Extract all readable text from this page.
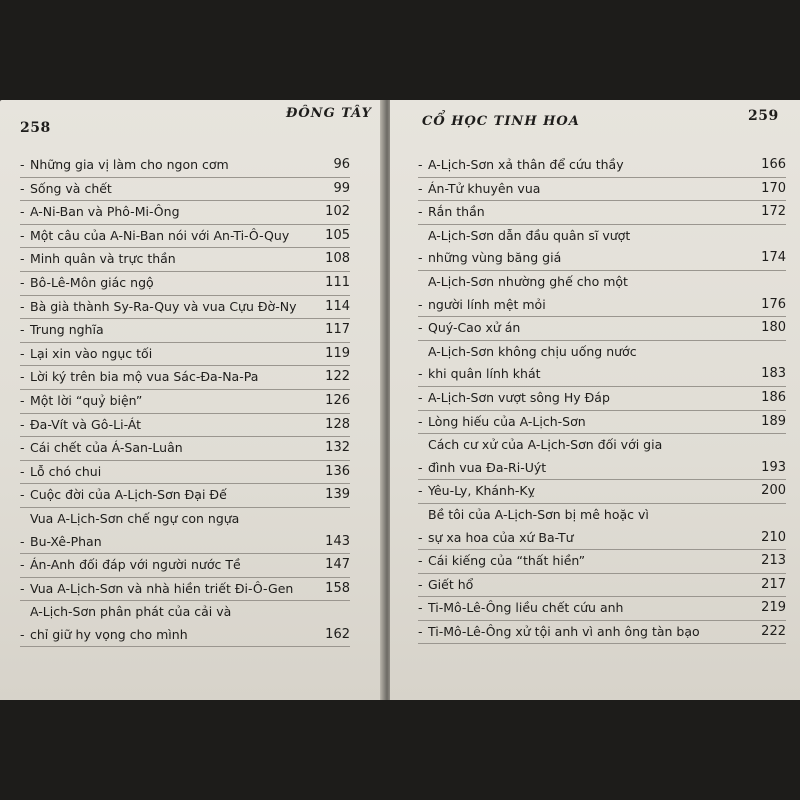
258
ĐÔNG TÂY
- Những gia vị làm cho ngon cơm	96
- Sống và chết	99
- A-Ni-Ban và Phô-Mi-Ông	102
- Một câu của A-Ni-Ban nói với An-Ti-Ô-Quy	105
- Minh quân và trực thần	108
- Bô-Lê-Môn giác ngộ	111
- Bà già thành Sy-Ra-Quy và vua Cựu Đờ-Ny	114
- Trung nghĩa	117
- Lại xin vào ngục tối	119
- Lời ký trên bia mộ vua Sác-Đa-Na-Pa	122
- Một lời “quỷ biện”	126
- Đa-Vít và Gô-Li-Át	128
- Cái chết của Á-San-Luân	132
- Lỗ chó chui	136
- Cuộc đời của A-Lịch-Sơn Đại Đế	139
-
Vua A-Lịch-Sơn chế ngự con ngựa
Bu-Xê-Phan	143
- Án-Anh đối đáp với người nước Tề	147
- Vua A-Lịch-Sơn và nhà hiền triết Đi-Ô-Gen	158
-
A-Lịch-Sơn phân phát của cải và
chỉ giữ hy vọng cho mình	162
CỔ HỌC TINH HOA	259
- A-Lịch-Sơn xả thân để cứu thầy	166
- Án-Tử khuyên vua	170
- Rắn thần	172
-
A-Lịch-Sơn dẫn đầu quân sĩ vượt
những vùng băng giá	174
-
A-Lịch-Sơn nhường ghế cho một
người lính mệt mỏi	176
- Quý-Cao xử án	180
-
A-Lịch-Sơn không chịu uống nước
khi quân lính khát	183
- A-Lịch-Sơn vượt sông Hy Đáp	186
- Lòng hiếu của A-Lịch-Sơn	189
-
Cách cư xử của A-Lịch-Sơn đối với gia
đình vua Đa-Ri-Uýt	193
- Yêu-Ly, Khánh-Kỵ	200
-
Bề tôi của A-Lịch-Sơn bị mê hoặc vì
sự xa hoa của xứ Ba-Tư	210
- Cái kiếng của “thất hiền”	213
- Giết hổ	217
- Ti-Mô-Lê-Ông liều chết cứu anh	219
- Ti-Mô-Lê-Ông xử tội anh vì anh ông tàn bạo	222
